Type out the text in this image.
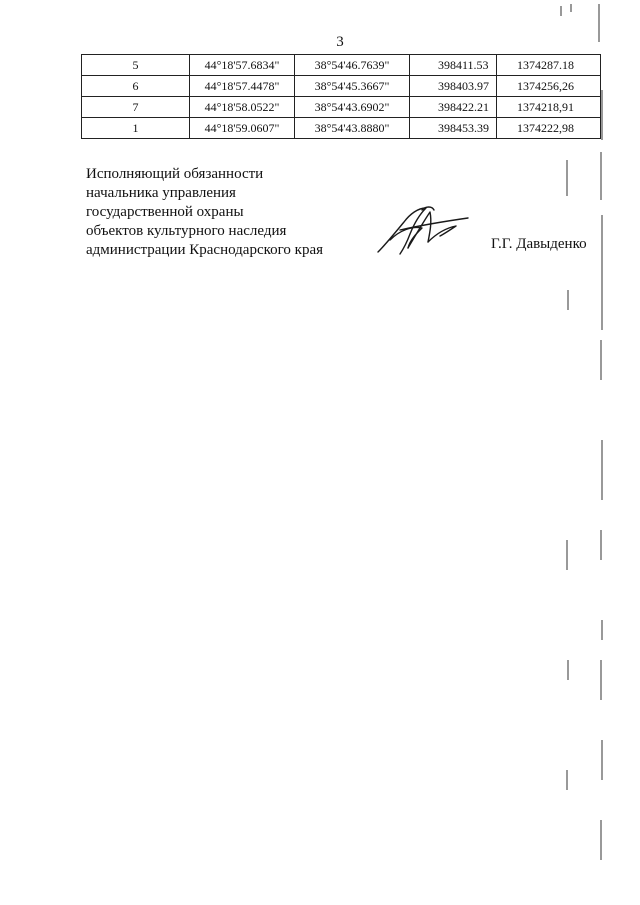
3
5	44°18'57.6834"	38°54'46.7639"	398411.53	1374287.18
6	44°18'57.4478"	38°54'45.3667"	398403.97	1374256,26
7	44°18'58.0522"	38°54'43.6902"	398422.21	1374218,91
1	44°18'59.0607"	38°54'43.8880"	398453.39	1374222,98
Исполняющий обязанности
начальника управления
государственной охраны
объектов культурного наследия
администрации Краснодарского края	Г.Г. Давыденко
